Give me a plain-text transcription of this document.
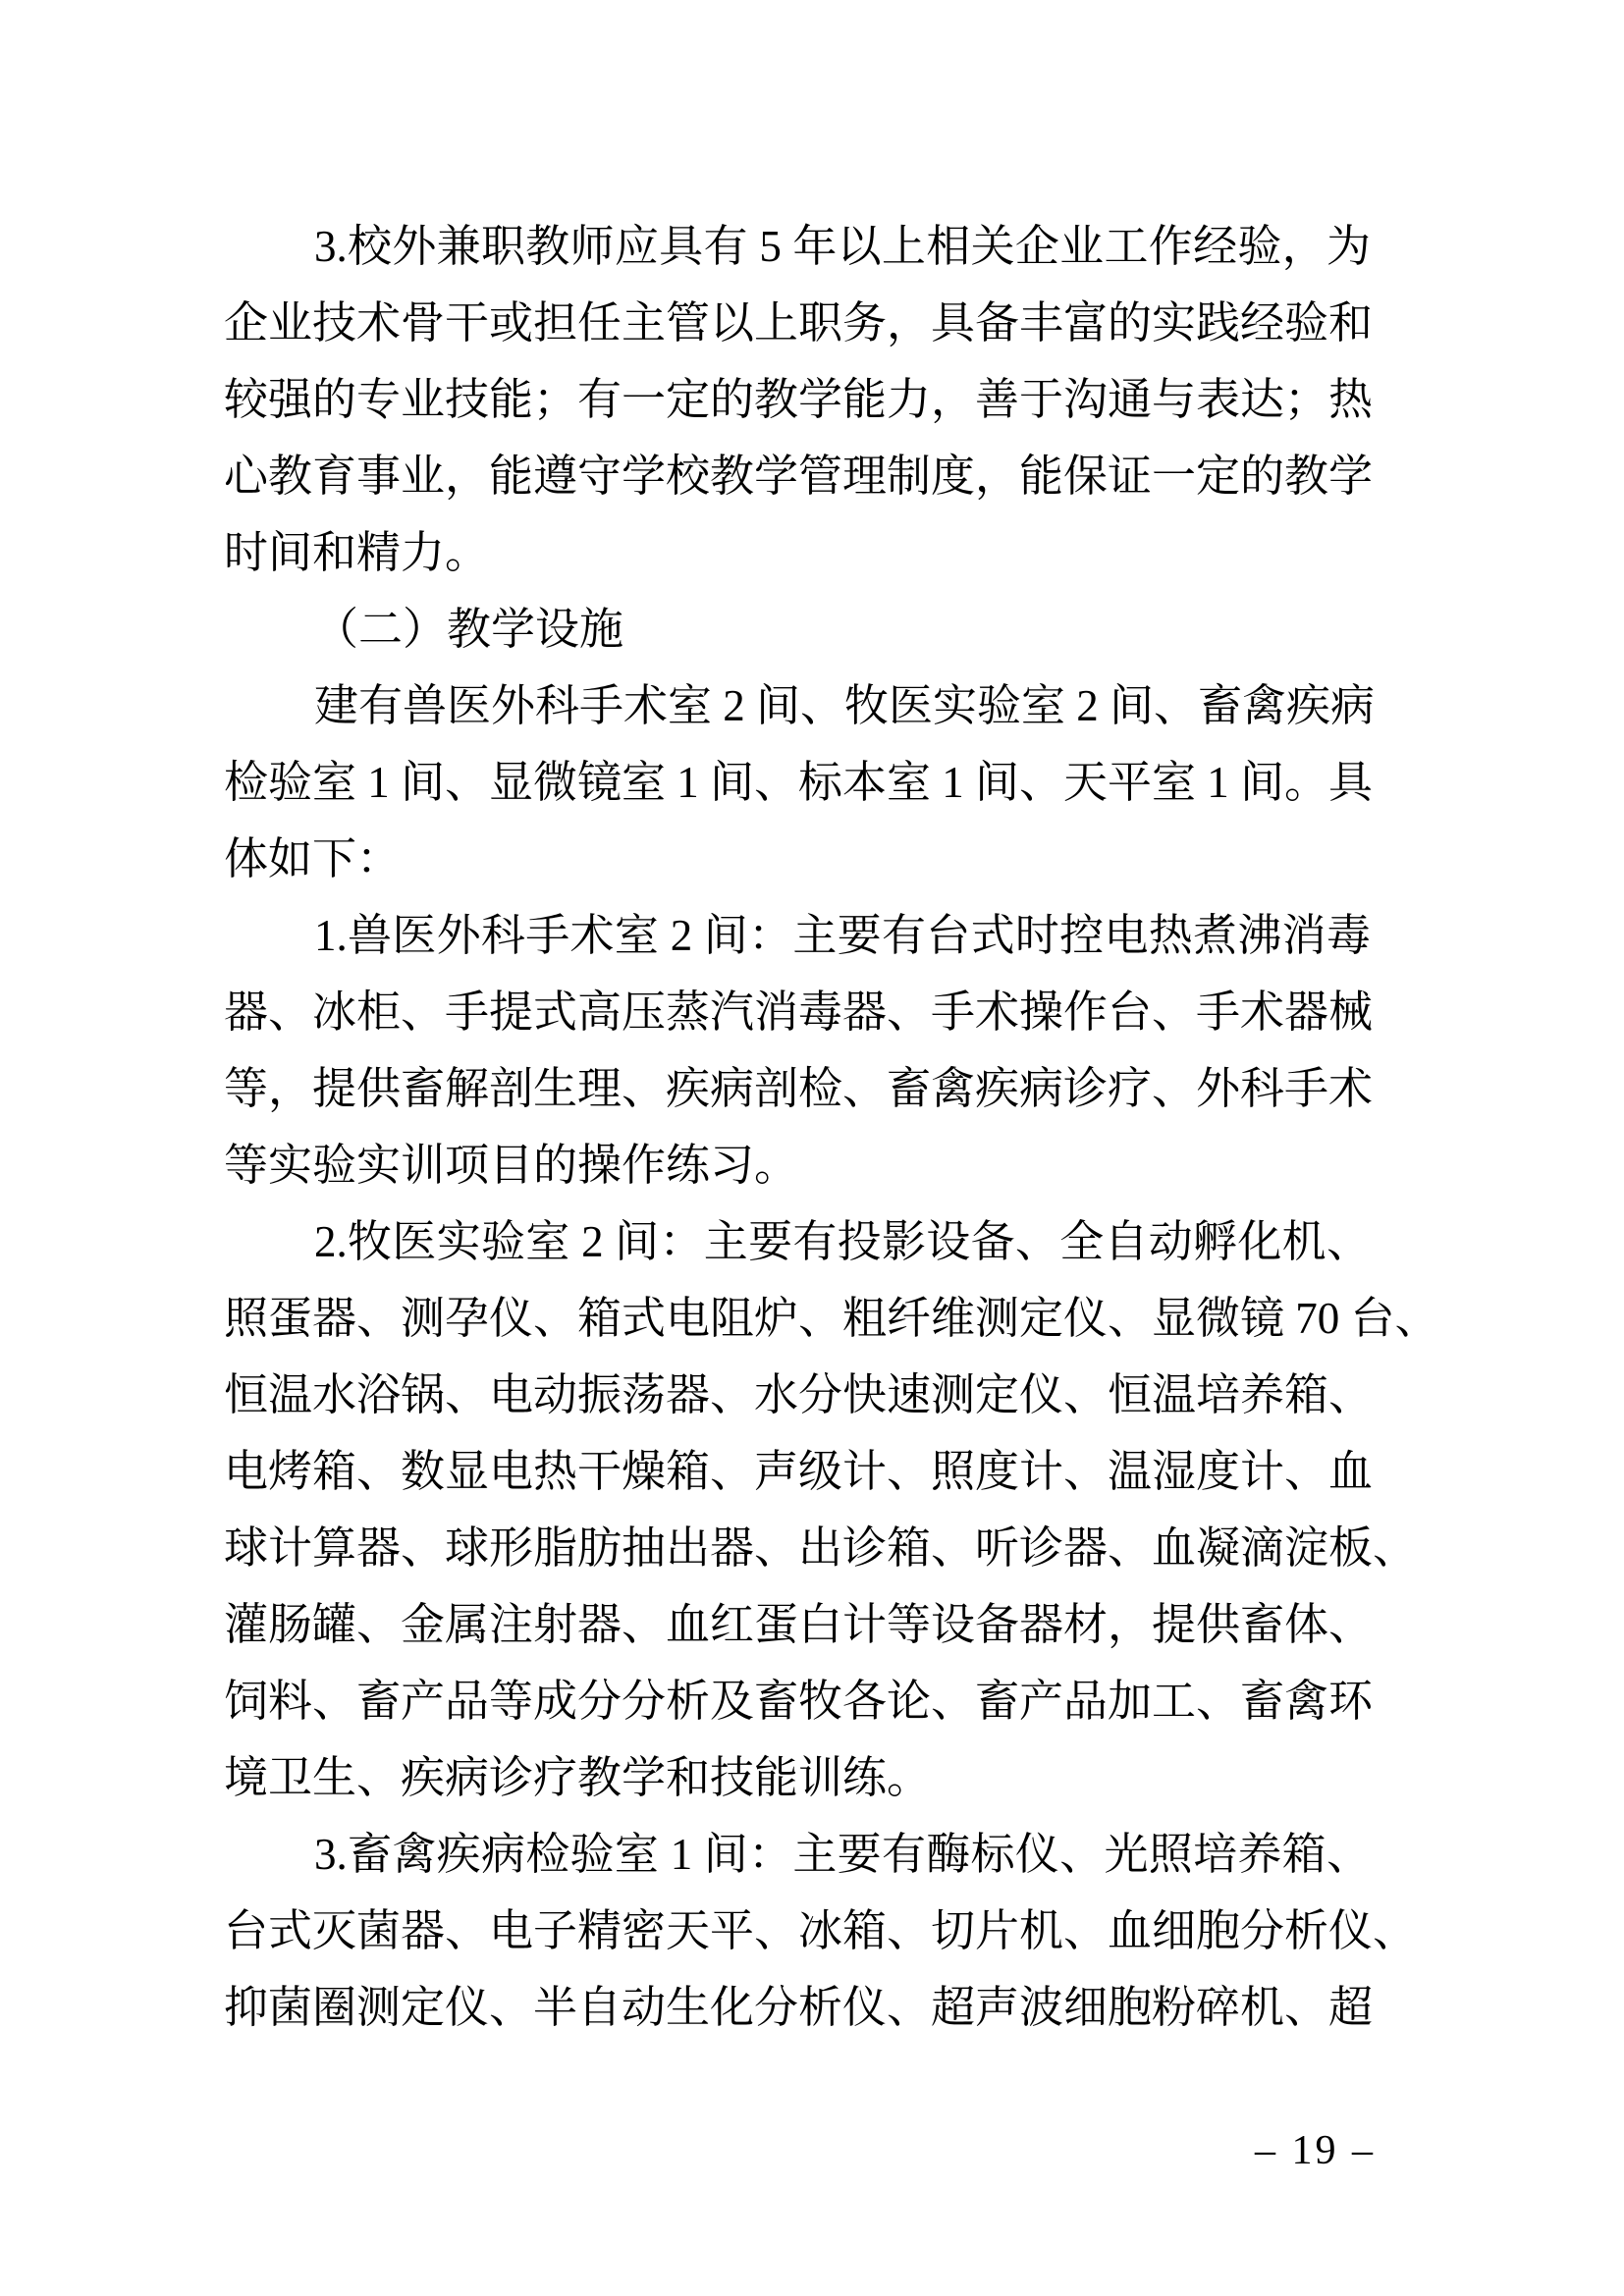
3.校外兼职教师应具有 5 年以上相关企业工作经验，为
企业技术骨干或担任主管以上职务，具备丰富的实践经验和
较强的专业技能；有一定的教学能力，善于沟通与表达；热
心教育事业，能遵守学校教学管理制度，能保证一定的教学
时间和精力。
（二）教学设施
建有兽医外科手术室 2 间、牧医实验室 2 间、畜禽疾病
检验室 1 间、显微镜室 1 间、标本室 1 间、天平室 1 间。具
体如下：
1.兽医外科手术室 2 间：主要有台式时控电热煮沸消毒
器、冰柜、手提式高压蒸汽消毒器、手术操作台、手术器械
等，提供畜解剖生理、疾病剖检、畜禽疾病诊疗、外科手术
等实验实训项目的操作练习。
2.牧医实验室 2 间：主要有投影设备、全自动孵化机、
照蛋器、测孕仪、箱式电阻炉、粗纤维测定仪、显微镜 70 台、
恒温水浴锅、电动振荡器、水分快速测定仪、恒温培养箱、
电烤箱、数显电热干燥箱、声级计、照度计、温湿度计、血
球计算器、球形脂肪抽出器、出诊箱、听诊器、血凝滴淀板、
灌肠罐、金属注射器、血红蛋白计等设备器材，提供畜体、
饲料、畜产品等成分分析及畜牧各论、畜产品加工、畜禽环
境卫生、疾病诊疗教学和技能训练。
3.畜禽疾病检验室 1 间：主要有酶标仪、光照培养箱、
台式灭菌器、电子精密天平、冰箱、切片机、血细胞分析仪、
抑菌圈测定仪、半自动生化分析仪、超声波细胞粉碎机、超
– 19 –
